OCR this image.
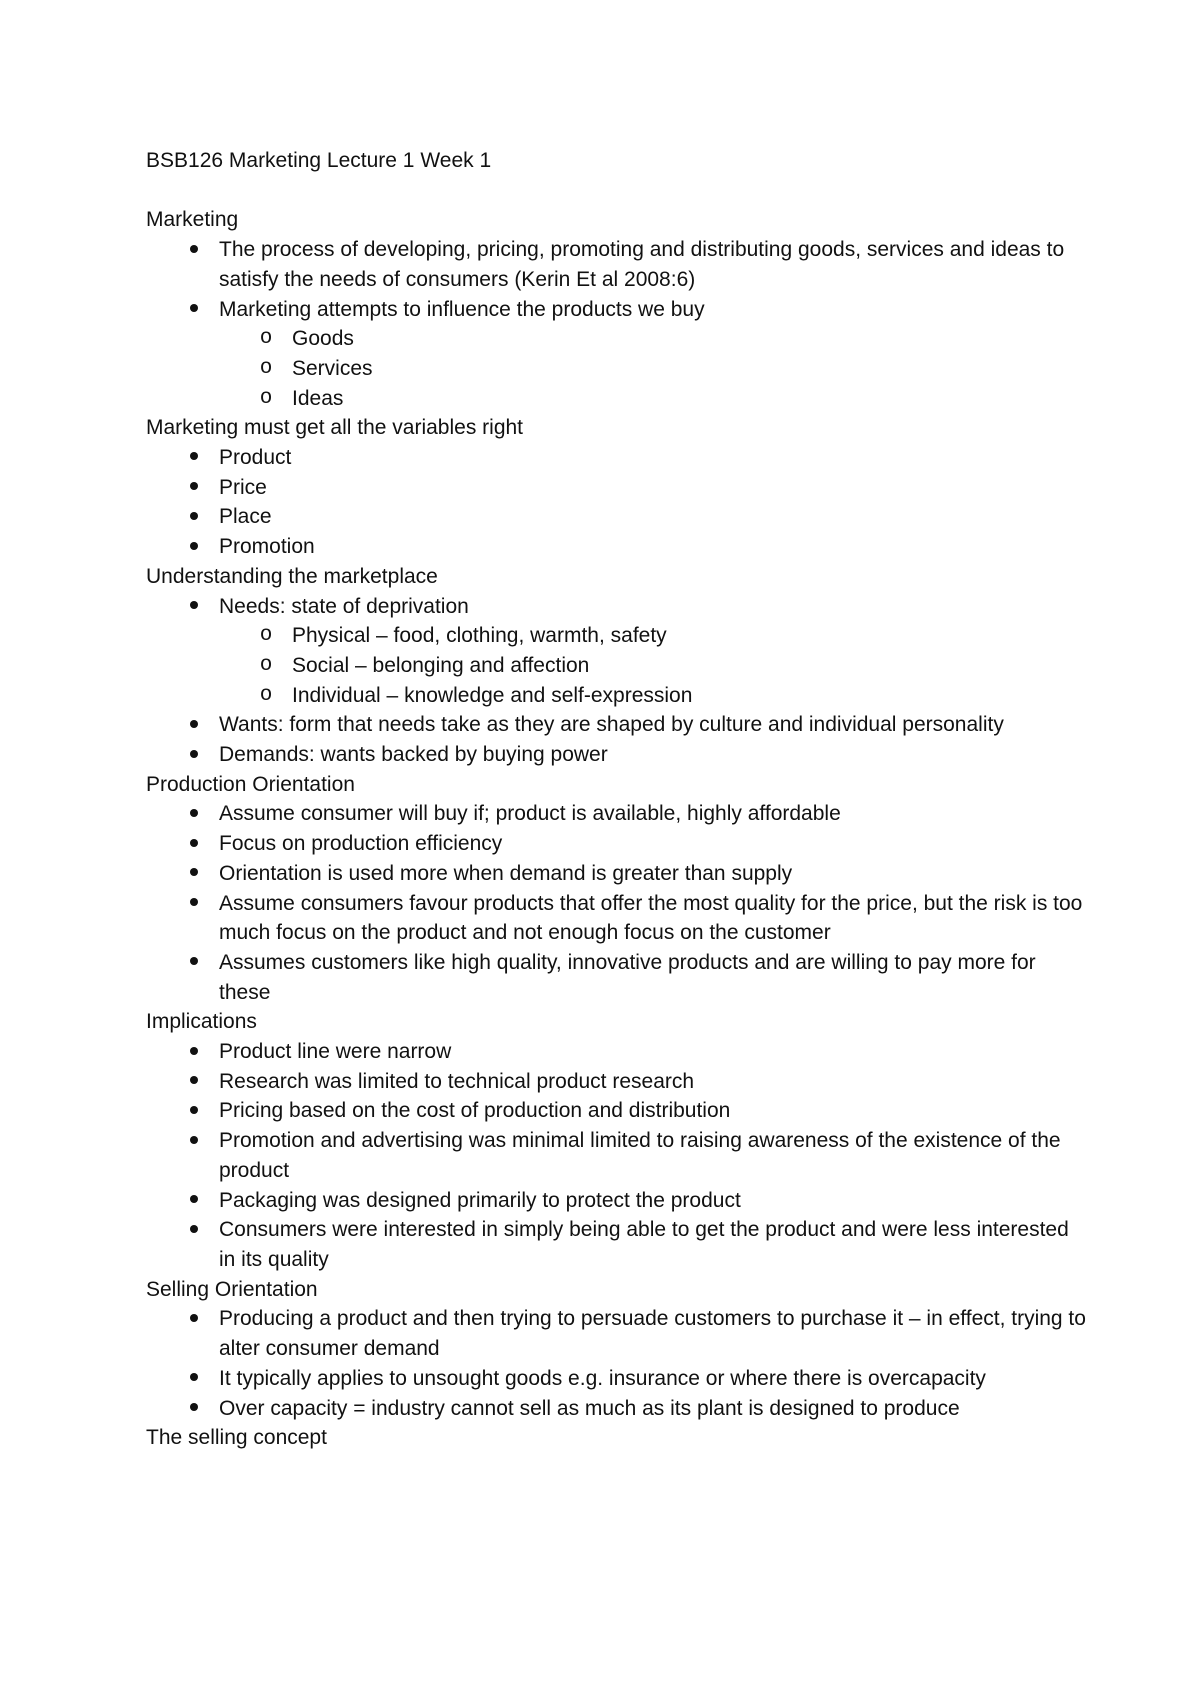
BSB126 Marketing Lecture 1 Week 1

Marketing

The process of developing, pricing, promoting and distributing goods, services and ideas to satisfy the needs of consumers (Kerin Et al 2008:6)
Marketing attempts to influence the products we buy
o Goods
o Services
o Ideas

Marketing must get all the variables right

Product
Price
Place
Promotion

Understanding the marketplace

Needs: state of deprivation
o Physical – food, clothing, warmth, safety
o Social – belonging and affection
o Individual – knowledge and self-expression
Wants: form that needs take as they are shaped by culture and individual personality
Demands: wants backed by buying power

Production Orientation

Assume consumer will buy if; product is available, highly affordable
Focus on production efficiency
Orientation is used more when demand is greater than supply
Assume consumers favour products that offer the most quality for the price, but the risk is too much focus on the product and not enough focus on the customer
Assumes customers like high quality, innovative products and are willing to pay more for these

Implications

Product line were narrow
Research was limited to technical product research
Pricing based on the cost of production and distribution
Promotion and advertising was minimal limited to raising awareness of the existence of the product
Packaging was designed primarily to protect the product
Consumers were interested in simply being able to get the product and were less interested in its quality

Selling Orientation

Producing a product and then trying to persuade customers to purchase it – in effect, trying to alter consumer demand
It typically applies to unsought goods e.g. insurance or where there is overcapacity
Over capacity = industry cannot sell as much as its plant is designed to produce

The selling concept
